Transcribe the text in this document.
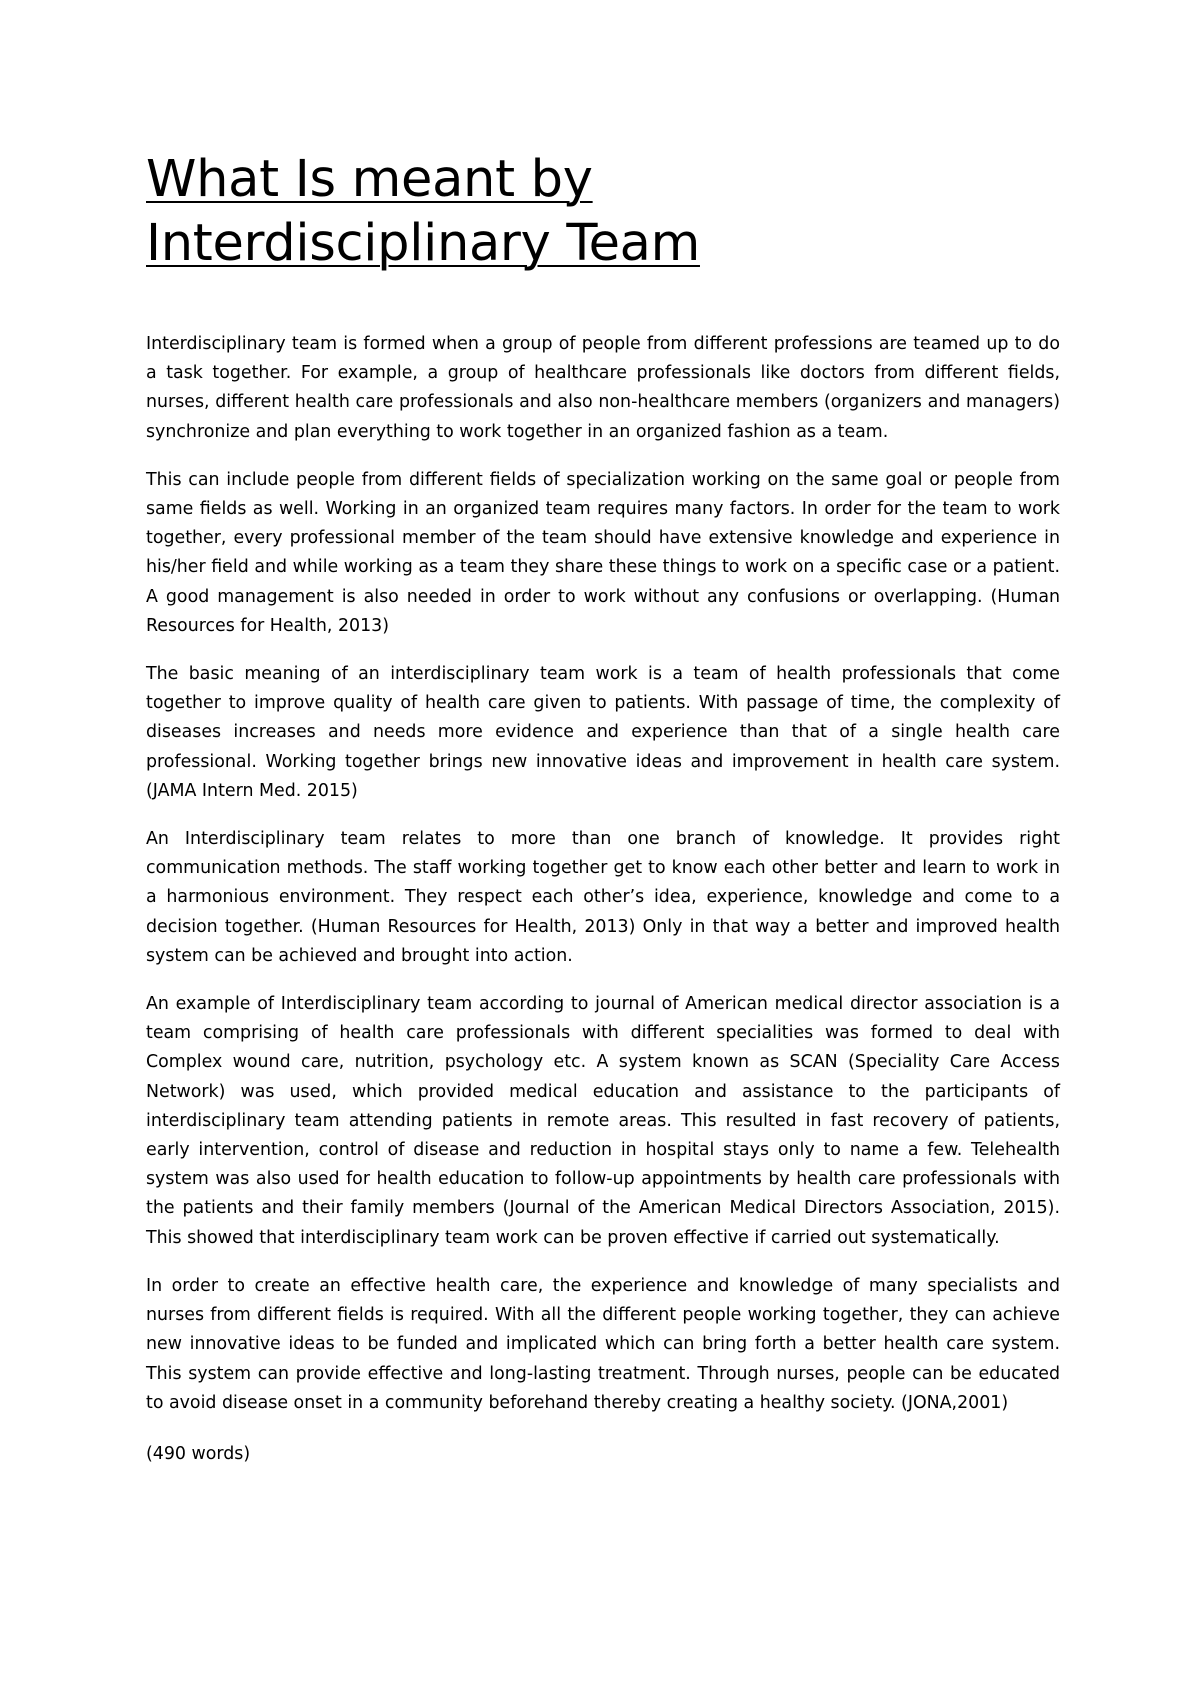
What Is meant by
Interdisciplinary Team

Interdisciplinary team is formed when a group of people from different professions are teamed up to do a task together. For example, a group of healthcare professionals like doctors from different fields, nurses, different health care professionals and also non-healthcare members (organizers and managers) synchronize and plan everything to work together in an organized fashion as a team.

This can include people from different fields of specialization working on the same goal or people from same fields as well. Working in an organized team requires many factors. In order for the team to work together, every professional member of the team should have extensive knowledge and experience in his/her field and while working as a team they share these things to work on a specific case or a patient. A good management is also needed in order to work without any confusions or overlapping. (Human Resources for Health, 2013)

The basic meaning of an interdisciplinary team work is a team of health professionals that come together to improve quality of health care given to patients. With passage of time, the complexity of diseases increases and needs more evidence and experience than that of a single health care professional. Working together brings new innovative ideas and improvement in health care system. (JAMA Intern Med. 2015)

An Interdisciplinary team relates to more than one branch of knowledge. It provides right communication methods. The staff working together get to know each other better and learn to work in a harmonious environment. They respect each other’s idea, experience, knowledge and come to a decision together. (Human Resources for Health, 2013) Only in that way a better and improved health system can be achieved and brought into action.

An example of Interdisciplinary team according to journal of American medical director association is a team comprising of health care professionals with different specialities was formed to deal with Complex wound care, nutrition, psychology etc. A system known as SCAN (Speciality Care Access Network) was used, which provided medical education and assistance to the participants of interdisciplinary team attending patients in remote areas. This resulted in fast recovery of patients, early intervention, control of disease and reduction in hospital stays only to name a few. Telehealth system was also used for health education to follow-up appointments by health care professionals with the patients and their family members (Journal of the American Medical Directors Association, 2015). This showed that interdisciplinary team work can be proven effective if carried out systematically.

In order to create an effective health care, the experience and knowledge of many specialists and nurses from different fields is required. With all the different people working together, they can achieve new innovative ideas to be funded and implicated which can bring forth a better health care system. This system can provide effective and long-lasting treatment. Through nurses, people can be educated to avoid disease onset in a community beforehand thereby creating a healthy society. (JONA,2001)

(490 words)
